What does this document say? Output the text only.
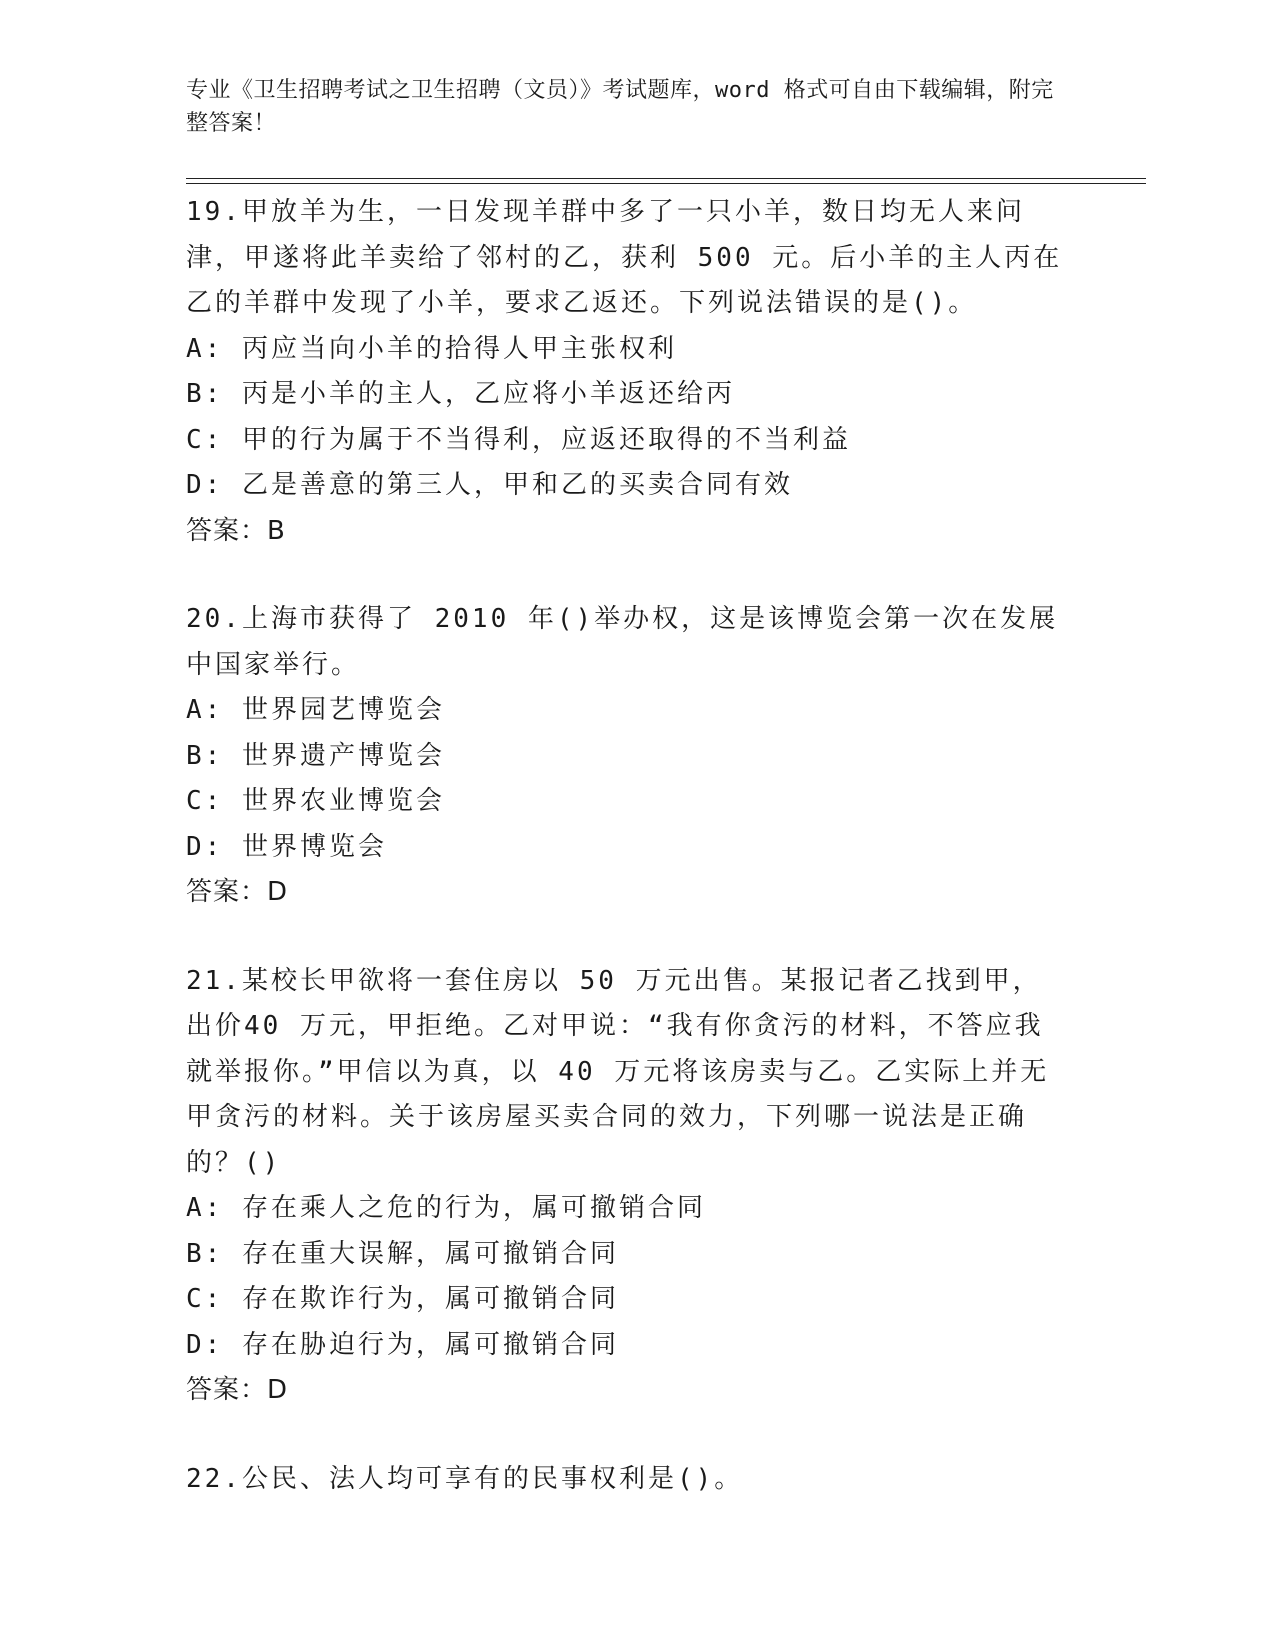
专业《卫生招聘考试之卫生招聘（文员）》考试题库，word 格式可自由下载编辑，附完整答案！

19.甲放羊为生，一日发现羊群中多了一只小羊，数日均无人来问津，甲遂将此羊卖给了邻村的乙，获利 500 元。后小羊的主人丙在乙的羊群中发现了小羊，要求乙返还。下列说法错误的是()。

A: 丙应当向小羊的拾得人甲主张权利

B: 丙是小羊的主人，乙应将小羊返还给丙

C: 甲的行为属于不当得利，应返还取得的不当利益

D: 乙是善意的第三人，甲和乙的买卖合同有效

答案：B

20.上海市获得了 2010 年()举办权，这是该博览会第一次在发展中国家举行。

A: 世界园艺博览会

B: 世界遗产博览会

C: 世界农业博览会

D: 世界博览会

答案：D

21.某校长甲欲将一套住房以 50 万元出售。某报记者乙找到甲，出价40 万元，甲拒绝。乙对甲说：“我有你贪污的材料，不答应我就举报你。”甲信以为真，以 40 万元将该房卖与乙。乙实际上并无甲贪污的材料。关于该房屋买卖合同的效力，下列哪一说法是正确的？()

A: 存在乘人之危的行为，属可撤销合同

B: 存在重大误解，属可撤销合同

C: 存在欺诈行为，属可撤销合同

D: 存在胁迫行为，属可撤销合同

答案：D

22.公民、法人均可享有的民事权利是()。
